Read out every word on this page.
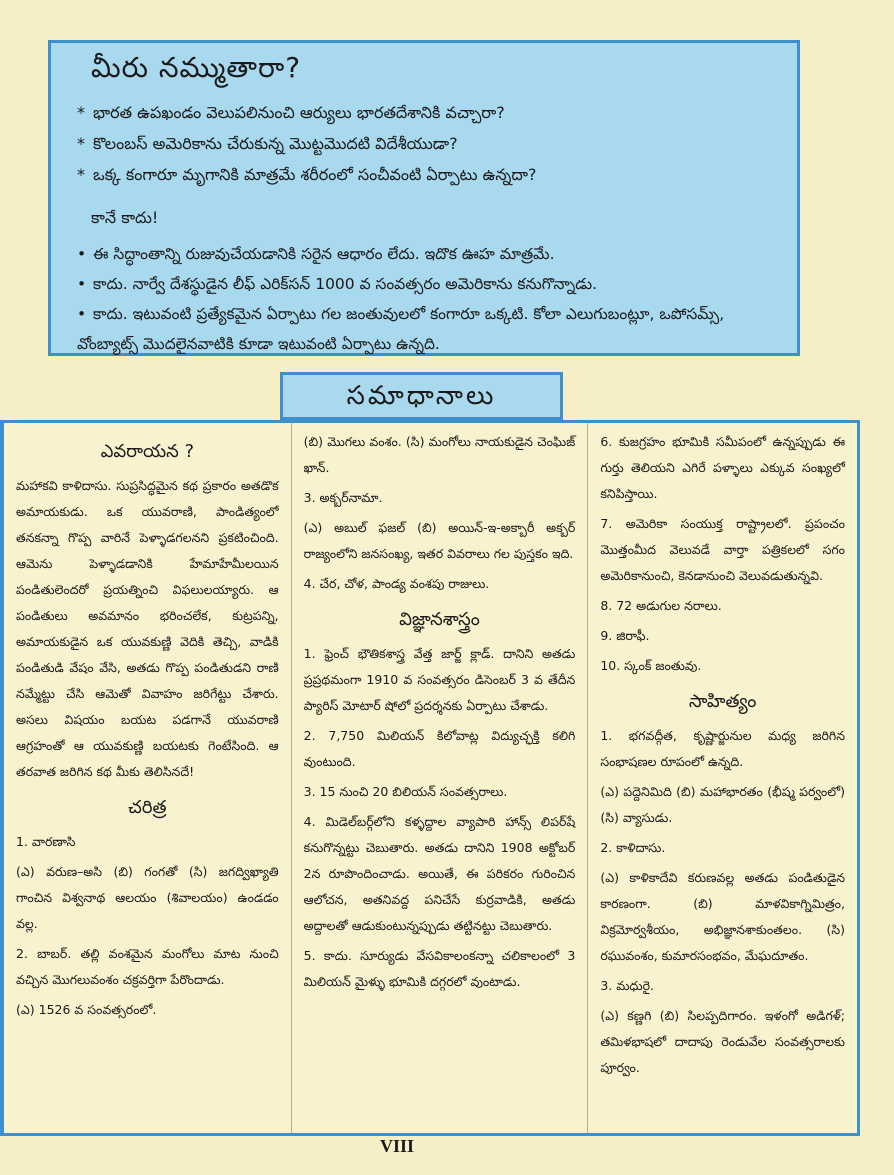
మీరు నమ్ముతారా?
* భారత ఉపఖండం వెలుపలినుంచి ఆర్యులు భారతదేశానికి వచ్చారా?
* కొలంబస్ అమెరికాను చేరుకున్న మొట్టమొదటి విదేశీయుడా?
* ఒక్క కంగారూ మృగానికి మాత్రమే శరీరంలో సంచీవంటి ఏర్పాటు ఉన్నదా?
కానే కాదు!
• ఈ సిద్ధాంతాన్ని రుజువుచేయడానికి సరైన ఆధారం లేదు. ఇదొక ఊహ మాత్రమే.
• కాదు. నార్వే దేశస్థుడైన లీఫ్ ఎరిక్‌సన్ 1000 వ సంవత్సరం అమెరికాను కనుగొన్నాడు.
• కాదు. ఇటువంటి ప్రత్యేకమైన ఏర్పాటు గల జంతువులలో కంగారూ ఒక్కటి. కోలా ఎలుగుబంట్లూ, ఒపోసమ్స్, వోంబ్యాట్స్ మొదలైనవాటికి కూడా ఇటువంటి ఏర్పాటు ఉన్నది.
సమాధానాలు
ఎవరాయన ?

మహాకవి కాళిదాసు. సుప్రసిద్ధమైన కథ ప్రకారం అతడొక అమాయకుడు. ఒక యువరాణి, పాండిత్యంలో తనకన్నా గొప్ప వారినే పెళ్ళాడగలనని ప్రకటించింది. ఆమెను పెళ్ళాడడానికి హేమాహేమీలయిన పండితులెందరో ప్రయత్నించి విఫలులయ్యారు. ఆ పండితులు అవమానం భరించలేక, కుట్రపన్ని, అమాయకుడైన ఒక యువకుణ్ణి వెదికి తెచ్చి, వాడికి పండితుడి వేషం వేసి, అతడు గొప్ప పండితుడని రాణి నమ్మేట్టు చేసి ఆమెతో వివాహం జరిగేట్టు చేశారు. అసలు విషయం బయట పడగానే యువరాణి ఆగ్రహంతో ఆ యువకుణ్ణి బయటకు గెంటేసింది. ఆ తరవాత జరిగిన కథ మీకు తెలిసినదే!

చరిత్ర

1. వారణాసి

(ఎ) వరుణ–అసి (బి) గంగతో (సి) జగద్విఖ్యాతి గాంచిన విశ్వనాథ ఆలయం (శివాలయం) ఉండడం వల్ల.

2. బాబర్. తల్లి వంశమైన మంగోలు మాట నుంచి వచ్చిన మొగలువంశం చక్రవర్తిగా పేరొందాడు.

(ఎ) 1526 వ సంవత్సరంలో.

(బి) మొగలు వంశం. (సి) మంగోలు నాయకుడైన చెంఘిజ్ ఖాన్.

3. అక్బర్‌నామా.

(ఎ) అబుల్ ఫజల్ (బి) అయిన్-ఇ-అక్బారీ అక్బర్ రాజ్యంలోని జనసంఖ్య, ఇతర వివరాలు గల పుస్తకం ఇది.

4. చేర, చోళ, పాండ్య వంశపు రాజులు.

విజ్ఞానశాస్త్రం

1. ఫ్రెంచ్ భౌతికశాస్త్ర వేత్త జార్జ్ క్లాడ్. దానిని అతడు ప్రప్రథమంగా 1910 వ సంవత్సరం డిసెంబర్ 3 వ తేదీన ప్యారిస్ మోటార్ షోలో ప్రదర్శనకు ఏర్పాటు చేశాడు.

2. 7,750 మిలియన్ కిలోవాట్ల విద్యుచ్ఛక్తి కలిగి వుంటుంది.

3. 15 నుంచి 20 బిలియన్ సంవత్సరాలు.

4. మిడెల్‌బర్గ్‌లోని కళ్ళద్దాల వ్యాపారి హాన్స్ లిపర్‌షే కనుగొన్నట్టు చెబుతారు. అతడు దానిని 1908 అక్టోబర్ 2న రూపొందించాడు. అయితే, ఈ పరికరం గురించిన ఆలోచన, అతనివద్ద పనిచేసే కుర్రవాడికి, అతడు అద్దాలతో ఆడుకుంటున్నప్పుడు తట్టినట్టు చెబుతారు.

5. కాదు. సూర్యుడు వేసవికాలంకన్నా చలికాలంలో 3 మిలియన్ మైళ్ళు భూమికి దగ్గరలో వుంటాడు.

6. కుజగ్రహం భూమికి సమీపంలో ఉన్నప్పుడు ఈ గుర్తు తెలియని ఎగిరే పళ్ళాలు ఎక్కువ సంఖ్యలో కనిపిస్తాయి.

7. అమెరికా సంయుక్త రాష్ట్రాలలో. ప్రపంచం మొత్తంమీద వెలువడే వార్తా పత్రికలలో సగం అమెరికానుంచి, కెనడానుంచి వెలువడుతున్నవి.

8. 72 అడుగుల నరాలు.

9. జిరాఫీ.

10. స్కంక్ జంతువు.

సాహిత్యం

1. భగవద్గీత, కృష్ణార్జునుల మధ్య జరిగిన సంభాషణల రూపంలో ఉన్నది.

(ఎ) పద్దెనిమిది (బి) మహాభారతం (భీష్మ పర్వంలో) (సి) వ్యాసుడు.

2. కాళిదాసు.

(ఎ) కాళికాదేవి కరుణవల్ల అతడు పండితుడైన కారణంగా. (బి) మాళవికాగ్నిమిత్రం, విక్రమోర్వశీయం, అభిజ్ఞానశాకుంతలం. (సి) రఘువంశం, కుమారసంభవం, మేఘదూతం.

3. మధురై.

(ఎ) కణ్ణగి (బి) సిలప్పదిగారం. ఇళంగో అడిగళ్; తమిళభాషలో దాదాపు రెండువేల సంవత్సరాలకు పూర్వం.

VIII
